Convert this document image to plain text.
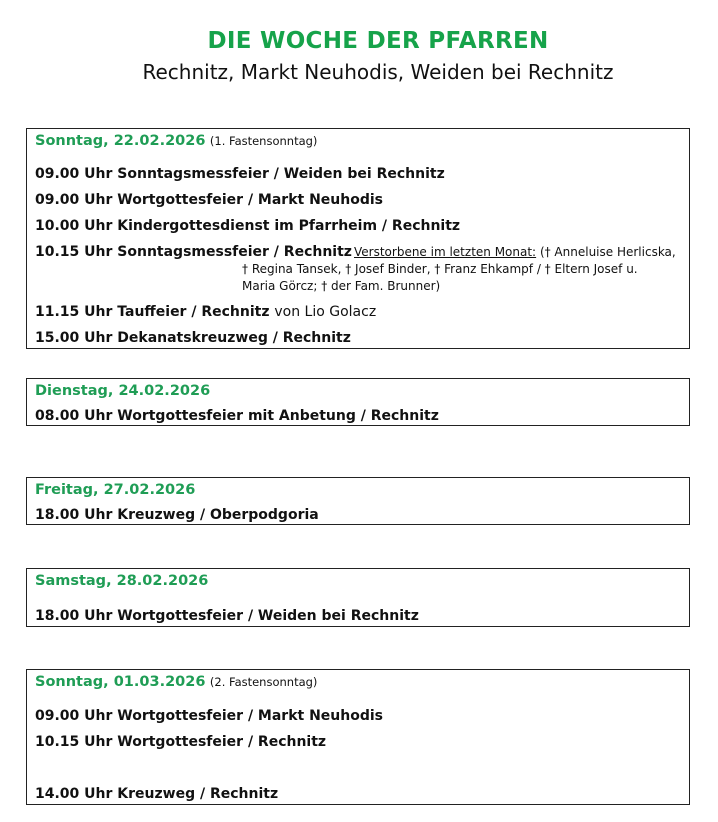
DIE WOCHE DER PFARREN
Rechnitz, Markt Neuhodis, Weiden bei Rechnitz
Sonntag, 22.02.2026 (1. Fastensonntag)
09.00 Uhr Sonntagsmessfeier / Weiden bei Rechnitz
09.00 Uhr Wortgottesfeier / Markt Neuhodis
10.00 Uhr Kindergottesdienst im Pfarrheim / Rechnitz
10.15 Uhr Sonntagsmessfeier / Rechnitz Verstorbene im letzten Monat: († Anneluise Herlicska,
† Regina Tansek, † Josef Binder, † Franz Ehkampf / † Eltern Josef u.
Maria Görcz; † der Fam. Brunner)
11.15 Uhr Tauffeier / Rechnitz von Lio Golacz
15.00 Uhr Dekanatskreuzweg / Rechnitz
Dienstag, 24.02.2026
08.00 Uhr Wortgottesfeier mit Anbetung / Rechnitz
Freitag, 27.02.2026
18.00 Uhr Kreuzweg / Oberpodgoria
Samstag, 28.02.2026
18.00 Uhr Wortgottesfeier / Weiden bei Rechnitz
Sonntag, 01.03.2026 (2. Fastensonntag)
09.00 Uhr Wortgottesfeier / Markt Neuhodis
10.15 Uhr Wortgottesfeier / Rechnitz
14.00 Uhr Kreuzweg / Rechnitz
